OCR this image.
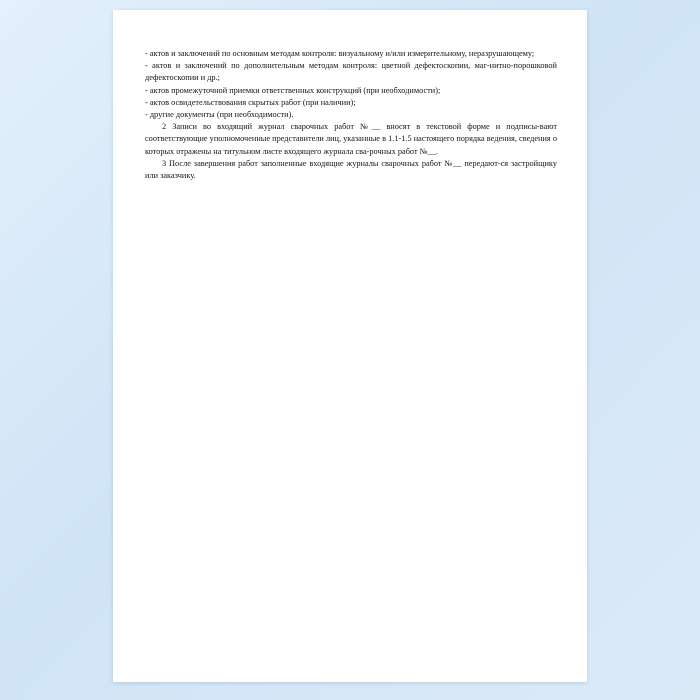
- актов и заключений по основным методам контроля: визуальному и/или измерительному, неразрушающему;

- актов и заключений по дополнительным методам контроля: цветной дефектоскопии, маг-нитно-порошковой дефектоскопии и др.;

- актов промежуточной приемки ответственных конструкций (при необходимости);

- актов освидетельствования скрытых работ (при наличии);

- другие документы (при необходимости).

2 Записи во входящий журнал сварочных работ №__ вносят в текстовой форме и подписы-вают соответствующие уполномоченные представители лиц, указанные в 1.1-1.5 настоящего порядка ведения, сведения о которых отражены на титульном листе входящего журнала сва-рочных работ №__.

3 После завершения работ заполненные входящие журналы сварочных работ №__ передают-ся застройщику или заказчику.
